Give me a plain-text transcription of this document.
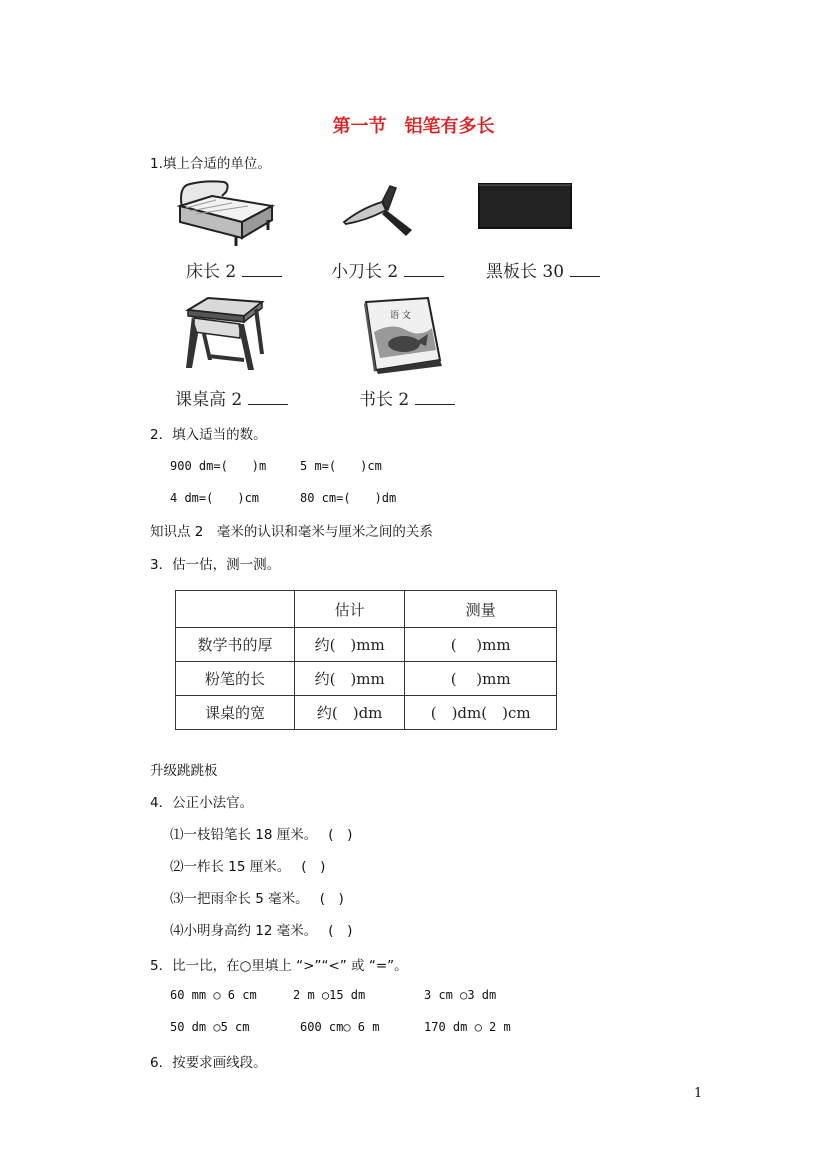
第一节　铝笔有多长
1.填上合适的单位。
床长 2	小刀长 2	黑板长 30
语 文
课桌高 2	书长 2
2．填入适当的数。
900 dm=(　　)m	5 m=(　　)cm
4 dm=(　　)cm	80 cm=(　　)dm
知识点 2　毫米的认识和毫米与厘米之间的关系
3．估一估，测一测。
	估计	测量
数学书的厚	约(　)mm	(　 )mm
粉笔的长	约(　)mm	(　 )mm
课桌的宽	约(　)dm	(　)dm(　)cm
升级跳跳板
4．公正小法官。
⑴一枝铅笔长 18 厘米。　 (　)
⑵一柞长 15 厘米。　 (　)
⑶一把雨伞长 5 毫米。　 (　)
⑷小明身高约 12 毫米。　 (　)
5．比一比，在○里填上 “>”“<” 或 “=”。
60 mm ○ 6 cm	2 m ○15 dm	3 cm ○3 dm
50 dm ○5 cm	600 cm○ 6 m	170 dm ○ 2 m
6．按要求画线段。
1
